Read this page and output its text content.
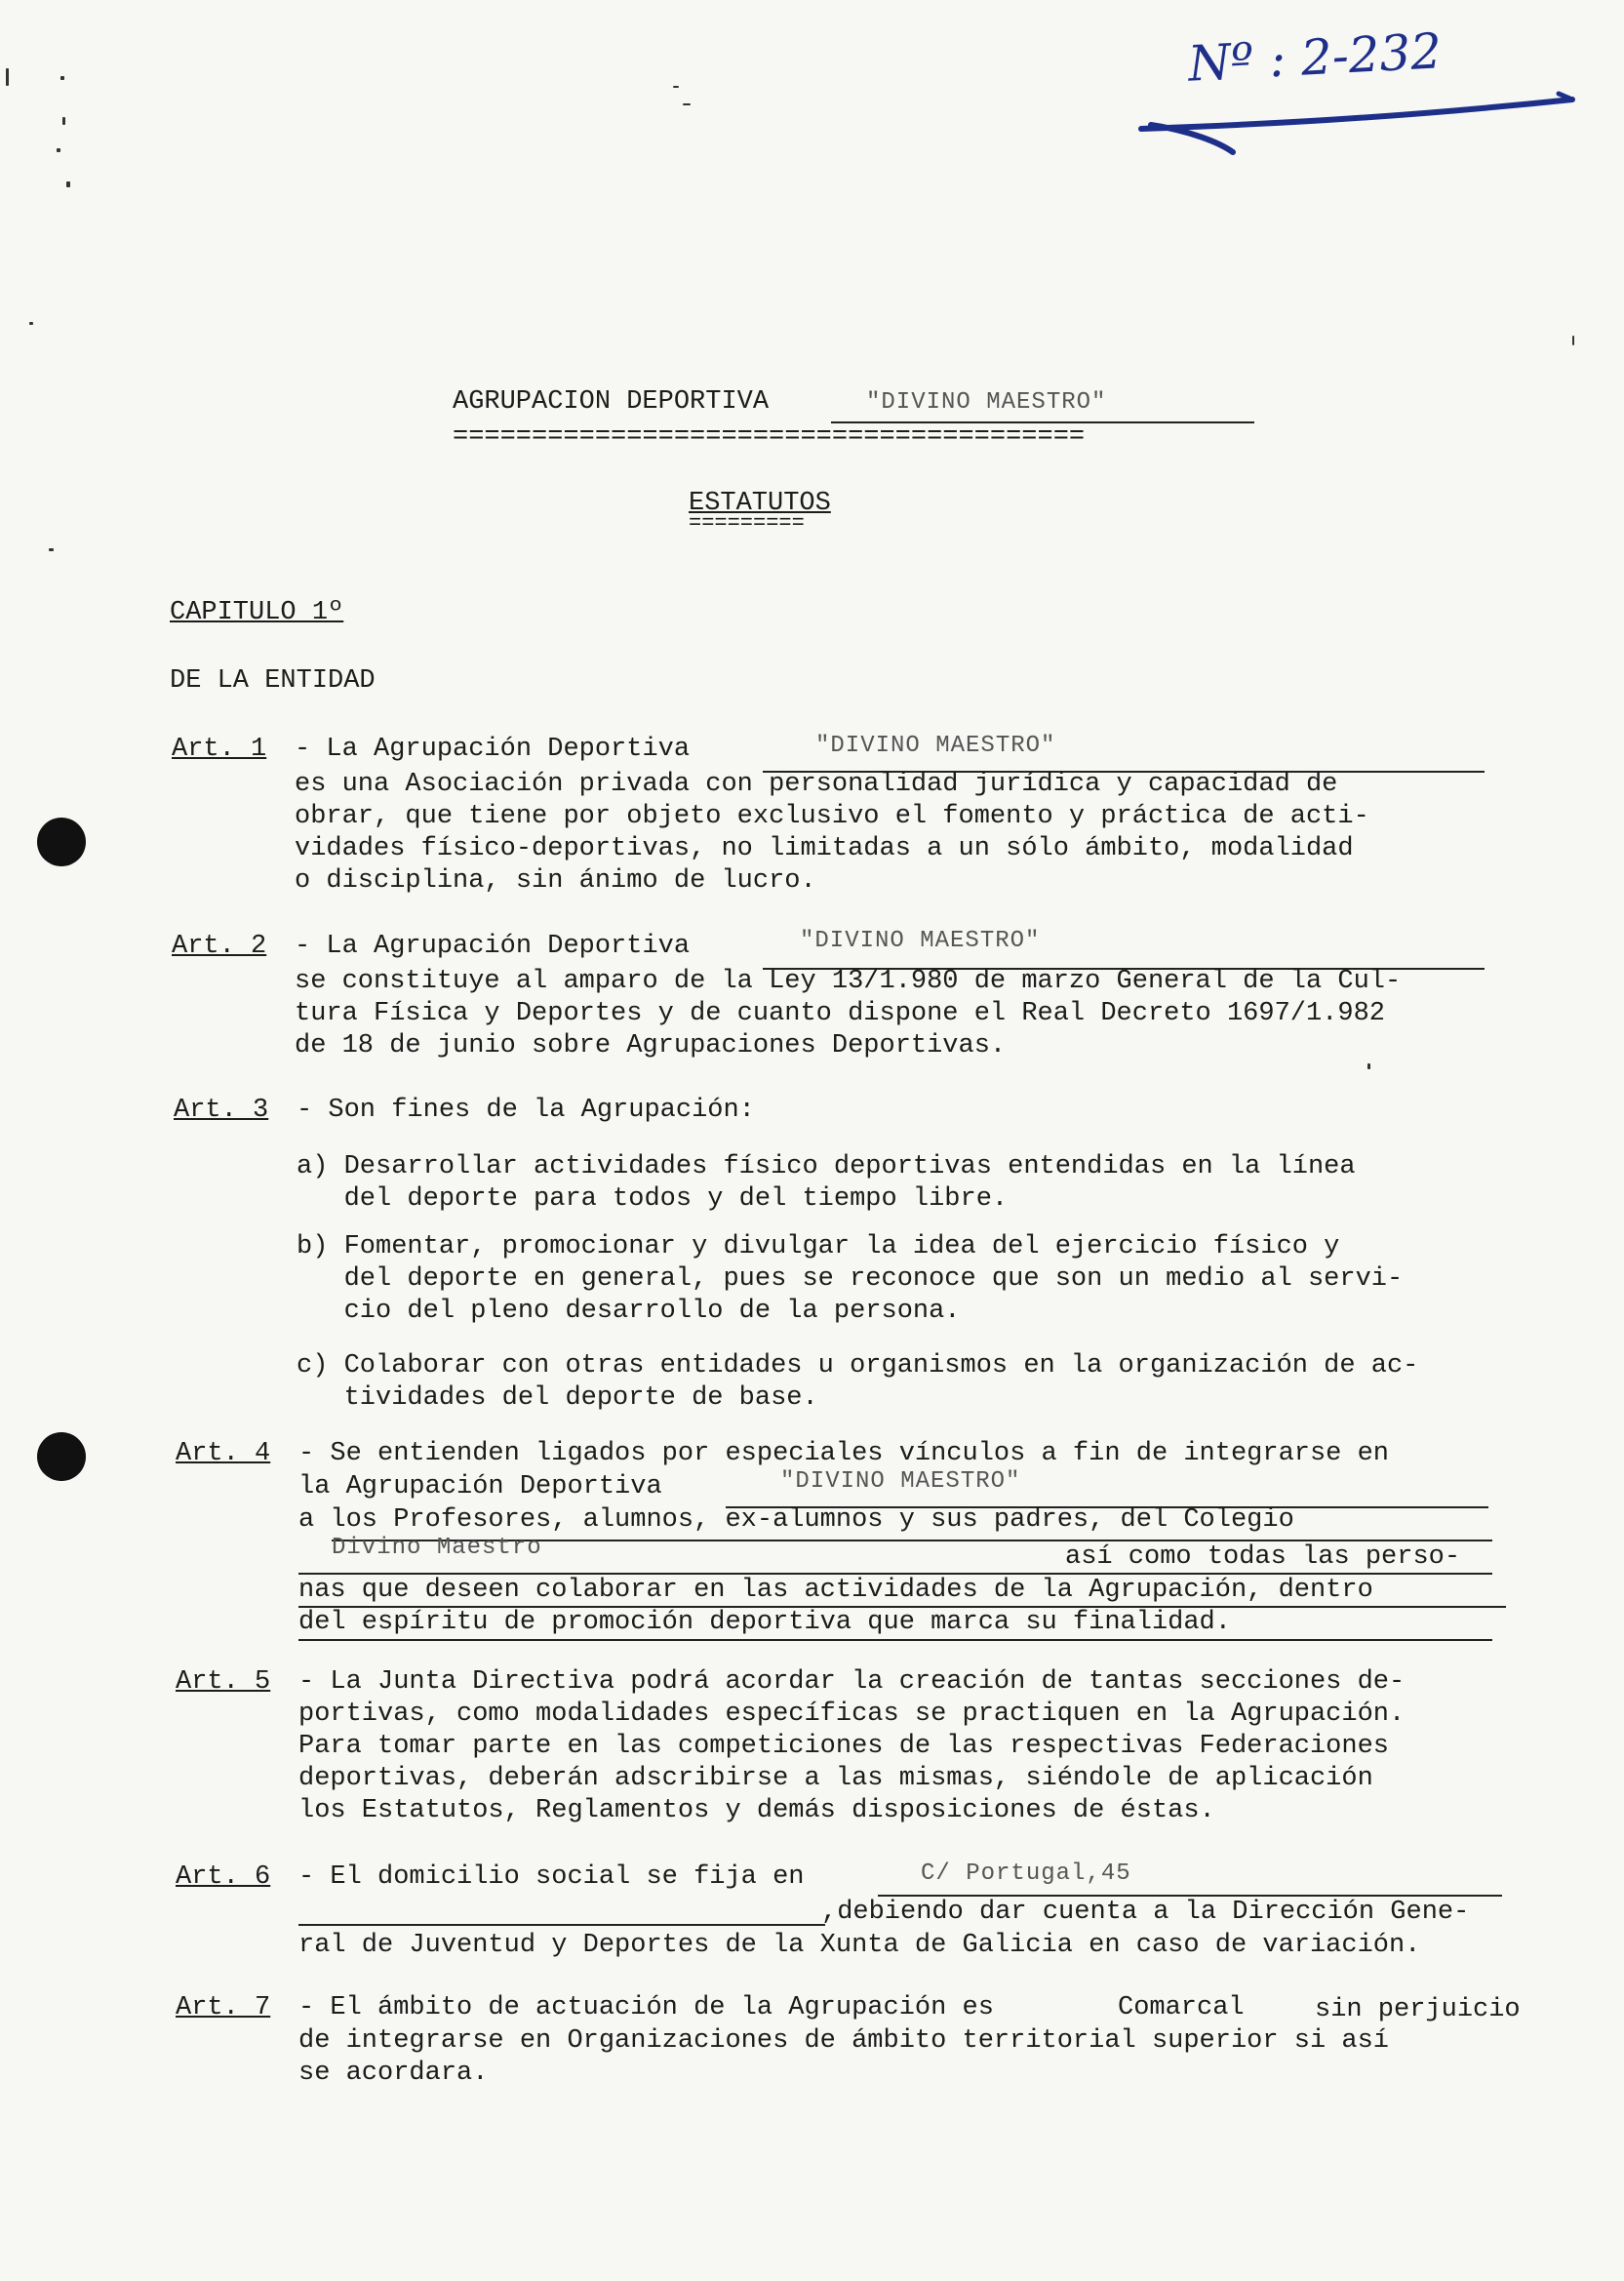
Nº : 2-232
AGRUPACION DEPORTIVA	"DIVINO MAESTRO"
========================================
ESTATUTOS
=========
CAPITULO 1º
DE LA ENTIDAD
Art. 1 - La Agrupación Deportiva	"DIVINO MAESTRO"
es una Asociación privada con personalidad jurídica y capacidad de
obrar, que tiene por objeto exclusivo el fomento y práctica de acti-
vidades físico-deportivas, no limitadas a un sólo ámbito, modalidad
o disciplina, sin ánimo de lucro.
Art. 2 - La Agrupación Deportiva	"DIVINO MAESTRO"
se constituye al amparo de la Ley 13/1.980 de marzo General de la Cul-
tura Física y Deportes y de cuanto dispone el Real Decreto 1697/1.982
de 18 de junio sobre Agrupaciones Deportivas.
Art. 3 - Son fines de la Agrupación:
a) Desarrollar actividades físico deportivas entendidas en la línea
del deporte para todos y del tiempo libre.
b) Fomentar, promocionar y divulgar la idea del ejercicio físico y
del deporte en general, pues se reconoce que son un medio al servi-
cio del pleno desarrollo de la persona.
c) Colaborar con otras entidades u organismos en la organización de ac-
tividades del deporte de base.
Art. 4 - Se entienden ligados por especiales vínculos a fin de integrarse en
la Agrupación Deportiva	"DIVINO MAESTRO"
a los Profesores, alumnos, ex-alumnos y sus padres, del Colegio
Divino Maestro	así como todas las perso-
nas que deseen colaborar en las actividades de la Agrupación, dentro
del espíritu de promoción deportiva que marca su finalidad.
Art. 5 - La Junta Directiva podrá acordar la creación de tantas secciones de-
portivas, como modalidades específicas se practiquen en la Agrupación.
Para tomar parte en las competiciones de las respectivas Federaciones
deportivas, deberán adscribirse a las mismas, siéndole de aplicación
los Estatutos, Reglamentos y demás disposiciones de éstas.
Art. 6 - El domicilio social se fija en	C/ Portugal,45
,debiendo dar cuenta a la Dirección Gene-
ral de Juventud y Deportes de la Xunta de Galicia en caso de variación.
Art. 7 - El ámbito de actuación de la Agrupación es	Comarcal	sin perjuicio
de integrarse en Organizaciones de ámbito territorial superior si así
se acordara.
